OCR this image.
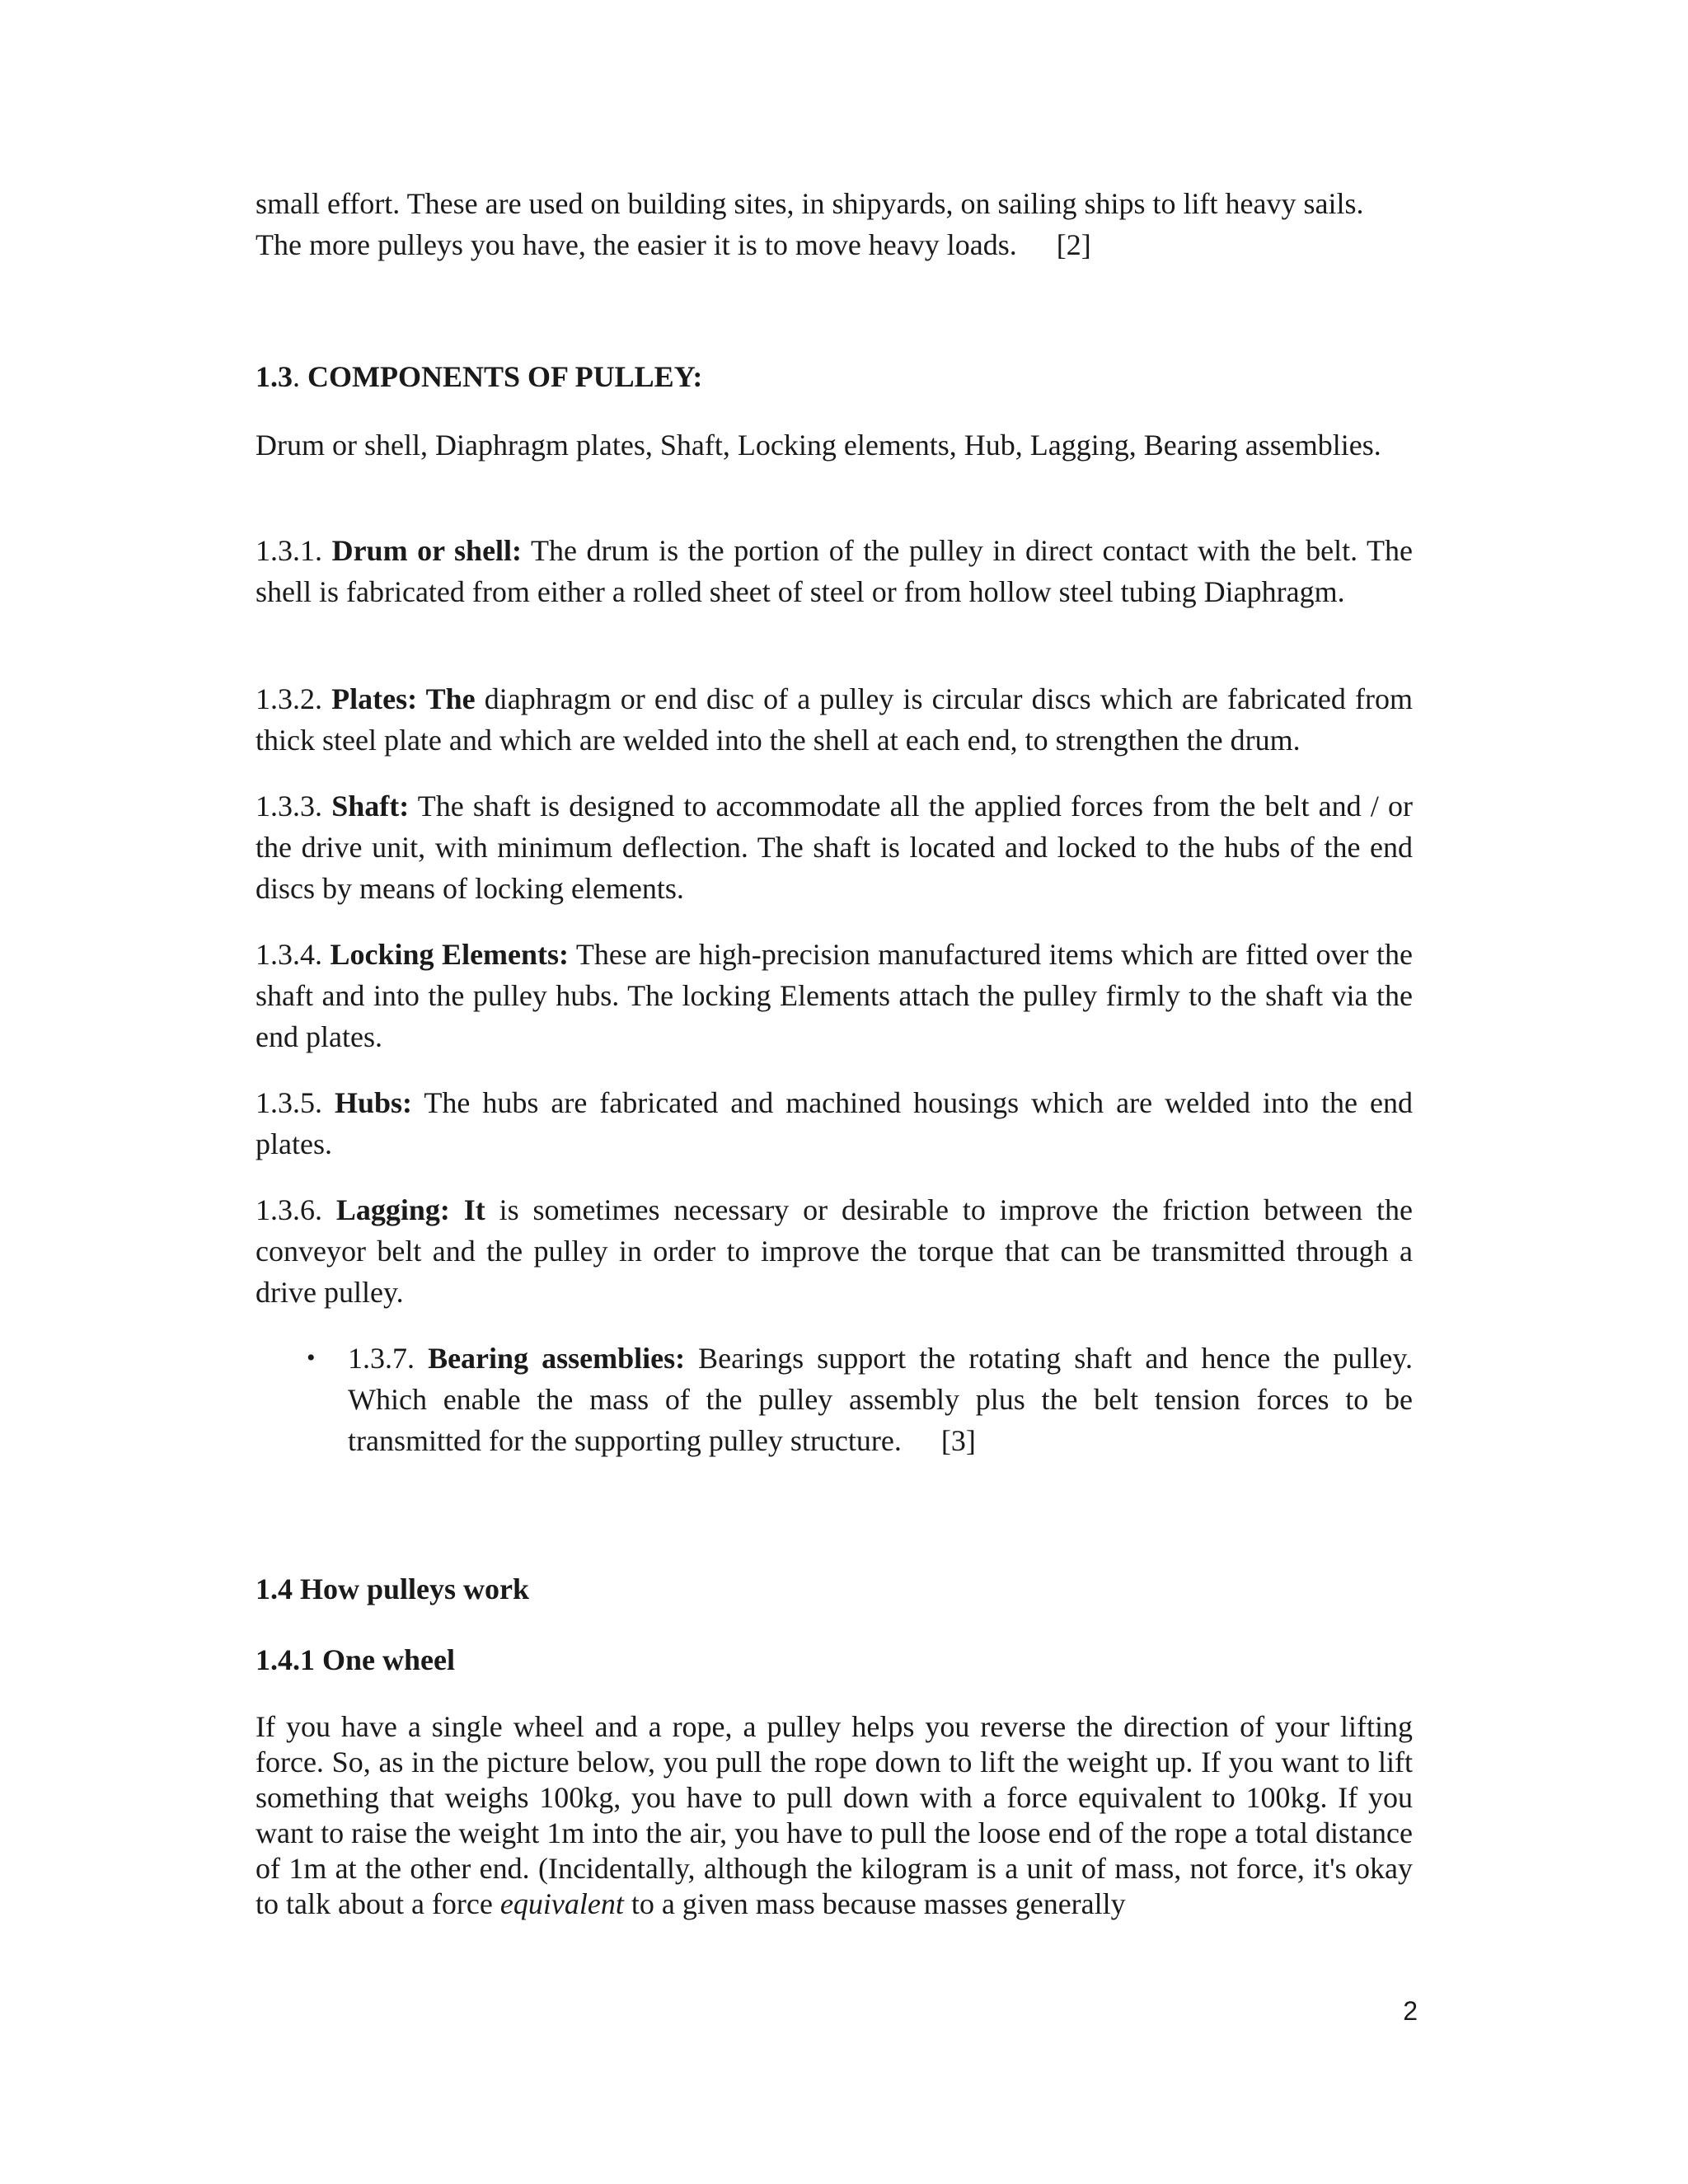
small effort. These are used on building sites, in shipyards, on sailing ships to lift heavy sails.
The more pulleys you have, the easier it is to move heavy loads. [2]

1.3. COMPONENTS OF PULLEY:

Drum or shell, Diaphragm plates, Shaft, Locking elements, Hub, Lagging, Bearing assemblies.

1.3.1. Drum or shell: The drum is the portion of the pulley in direct contact with the belt. The shell is fabricated from either a rolled sheet of steel or from hollow steel tubing Diaphragm.

1.3.2. Plates: The diaphragm or end disc of a pulley is circular discs which are fabricated from thick steel plate and which are welded into the shell at each end, to strengthen the drum.

1.3.3. Shaft: The shaft is designed to accommodate all the applied forces from the belt and / or the drive unit, with minimum deflection. The shaft is located and locked to the hubs of the end discs by means of locking elements.

1.3.4. Locking Elements: These are high-precision manufactured items which are fitted over the shaft and into the pulley hubs. The locking Elements attach the pulley firmly to the shaft via the end plates.

1.3.5. Hubs: The hubs are fabricated and machined housings which are welded into the end plates.

1.3.6. Lagging: It is sometimes necessary or desirable to improve the friction between the conveyor belt and the pulley in order to improve the torque that can be transmitted through a drive pulley.

• 1.3.7. Bearing assemblies: Bearings support the rotating shaft and hence the pulley. Which enable the mass of the pulley assembly plus the belt tension forces to be transmitted for the supporting pulley structure. [3]

1.4 How pulleys work

1.4.1 One wheel

If you have a single wheel and a rope, a pulley helps you reverse the direction of your lifting force. So, as in the picture below, you pull the rope down to lift the weight up. If you want to lift something that weighs 100kg, you have to pull down with a force equivalent to 100kg. If you want to raise the weight 1m into the air, you have to pull the loose end of the rope a total distance of 1m at the other end. (Incidentally, although the kilogram is a unit of mass, not force, it's okay to talk about a force equivalent to a given mass because masses generally

2
